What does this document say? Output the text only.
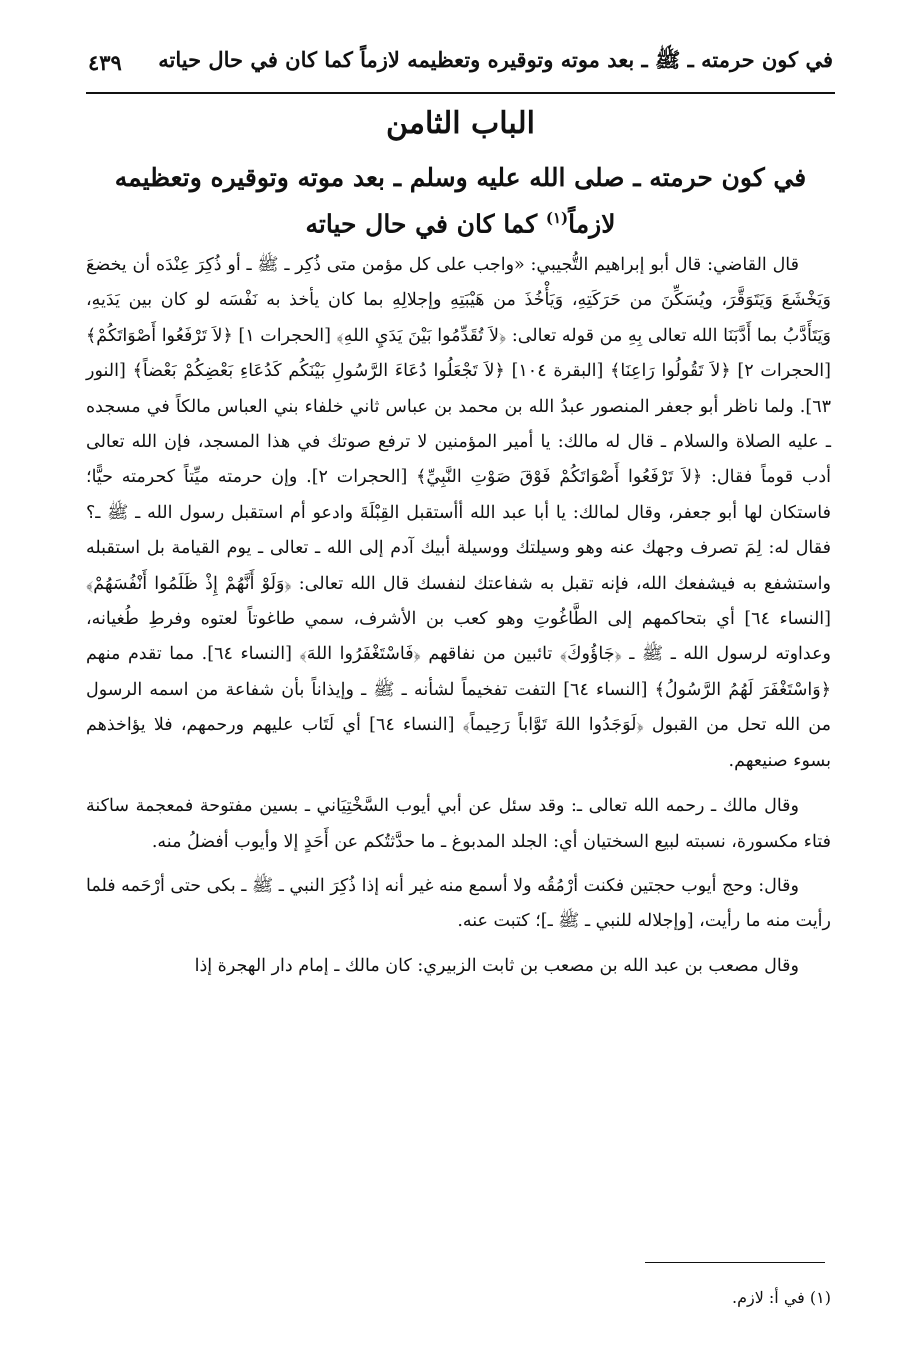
في كون حرمته ـ ﷺ ـ بعد موته وتوقيره وتعظيمه لازماً كما كان في حال حياته
٤٣٩
الباب الثامن
في كون حرمته ـ صلى الله عليه وسلم ـ بعد موته وتوقيره وتعظيمه
لازماً$^{(١)}$ كما كان في حال حياته

قال القاضي: قال أبو إبراهيم التُّجيبي: «واجب على كل مؤمن متى ذُكِر ـ ﷺ ـ أو ذُكِرَ عِنْدَه أن يخضعَ وَيَخْشَعَ وَيَتَوَقَّرَ، ويُسَكِّنَ من حَرَكَتِهِ، وَيَأْخُذَ من هَيْبَتِهِ وإجلالِهِ بما كان يأخذ به نَفْسَه لو كان بين يَدَيهِ، وَيَتَأَدَّبُ بما أَدَّبَنَا الله تعالى بِهِ من قوله تعالى: ﴿لاَ تُقَدِّمُوا بَيْنَ يَدَيِ اللهِ﴾ [الحجرات ١] ﴿لاَ تَرْفَعُوا أَصْوَاتَكُمْ﴾ [الحجرات ٢] ﴿لاَ تَقُولُوا رَاعِنَا﴾ [البقرة ١٠٤] ﴿لاَ تَجْعَلُوا دُعَاءَ الرَّسُولِ بَيْنَكُم كَدُعَاءِ بَعْضِكُمْ بَعْضاً﴾ [النور ٦٣]. ولما ناظر أبو جعفر المنصور عبدُ الله بن محمد بن عباس ثاني خلفاء بني العباس مالكاً في مسجده ـ عليه الصلاة والسلام ـ قال له مالك: يا أمير المؤمنين لا ترفع صوتك في هذا المسجد، فإن الله تعالى أدب قوماً فقال: ﴿لاَ تَرْفَعُوا أَصْوَاتَكُمْ فَوْقَ صَوْتِ النَّبِيِّ﴾ [الحجرات ٢]. وإن حرمته ميِّتاً كحرمته حيًّا؛ فاستكان لها أبو جعفر، وقال لمالك: يا أبا عبد الله أأستقبل القِبْلَةَ وادعو أم استقبل رسول الله ـ ﷺ ـ؟ فقال له: لِمَ تصرف وجهك عنه وهو وسيلتك ووسيلة أبيك آدم إلى الله ـ تعالى ـ يوم القيامة بل استقبله واستشفع به فيشفعك الله، فإنه تقبل به شفاعتك لنفسك قال الله تعالى: ﴿وَلَوْ أَنَّهُمْ إِذْ ظَلَمُوا أَنْفُسَهُمْ﴾ [النساء ٦٤] أي بتحاكمهم إلى الطَّاغُوتِ وهو كعب بن الأشرف، سمي طاغوتاً لعتوه وفرطِ طُغيانه، وعداوته لرسول الله ـ ﷺ ـ ﴿جَاؤُوكَ﴾ تائبين من نفاقهم ﴿فَاسْتَغْفَرُوا اللهَ﴾ [النساء ٦٤]. مما تقدم منهم ﴿وَاسْتَغْفَرَ لَهُمُ الرَّسُولُ﴾ [النساء ٦٤] التفت تفخيماً لشأنه ـ ﷺ ـ وإيذاناً بأن شفاعة من اسمه الرسول من الله تحل من القبول ﴿لَوَجَدُوا اللهَ تَوَّاباً رَحِيماً﴾ [النساء ٦٤] أي لَتَاب عليهم ورحمهم، فلا يؤاخذهم بسوء صنيعهم.

وقال مالك ـ رحمه الله تعالى ـ: وقد سئل عن أبي أيوب السَّخْتِيَاني ـ بسين مفتوحة فمعجمة ساكنة فتاء مكسورة، نسبته لبيع السختيان أي: الجلد المدبوغ ـ ما حدَّثتُكم عن أَحَدٍ إلا وأيوب أفضلُ منه.

وقال: وحج أيوب حجتين فكنت أرْمُقُه ولا أسمع منه غير أنه إذا ذُكِرَ النبي ـ ﷺ ـ بكى حتى أرْحَمه فلما رأيت منه ما رأيت، [وإجلاله للنبي ـ ﷺ ـ]؛ كتبت عنه.

وقال مصعب بن عبد الله بن مصعب بن ثابت الزبيري: كان مالك ـ إمام دار الهجرة إذا

(١) في أ: لازم.
